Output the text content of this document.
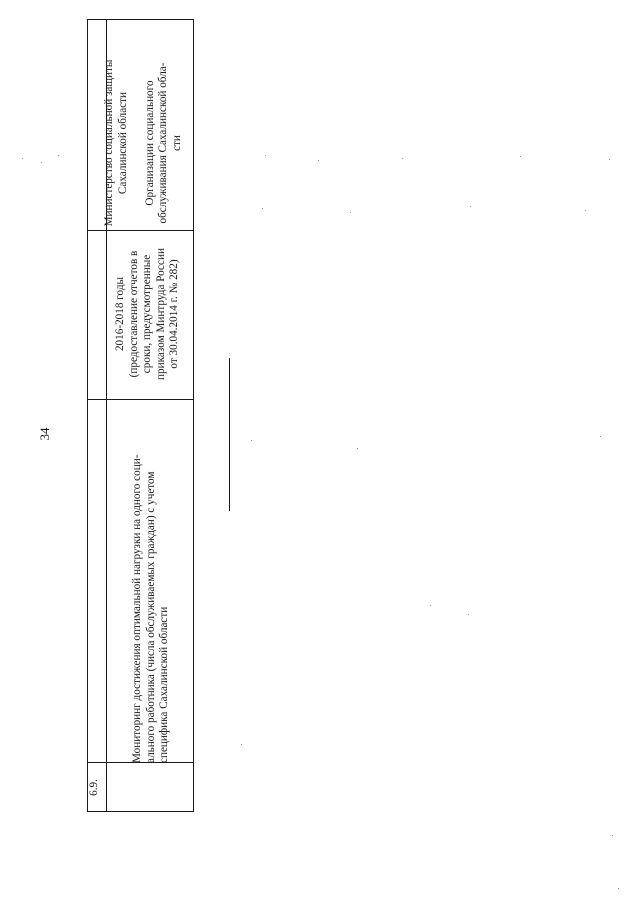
34
6.9.
Мониторинг достижения оптимальной нагрузки на одного соци-
ального работника (числа обслуживаемых граждан) с учетом
специфика Сахалинской области
2016-2018 годы
(предоставление отчетов в
сроки, предусмотренные
приказом Минтруда России
от 30.04.2014 г. № 282)
Министерство социальной защиты
Сахалинской области

Организации социального
обслуживания Сахалинской обла-
сти
